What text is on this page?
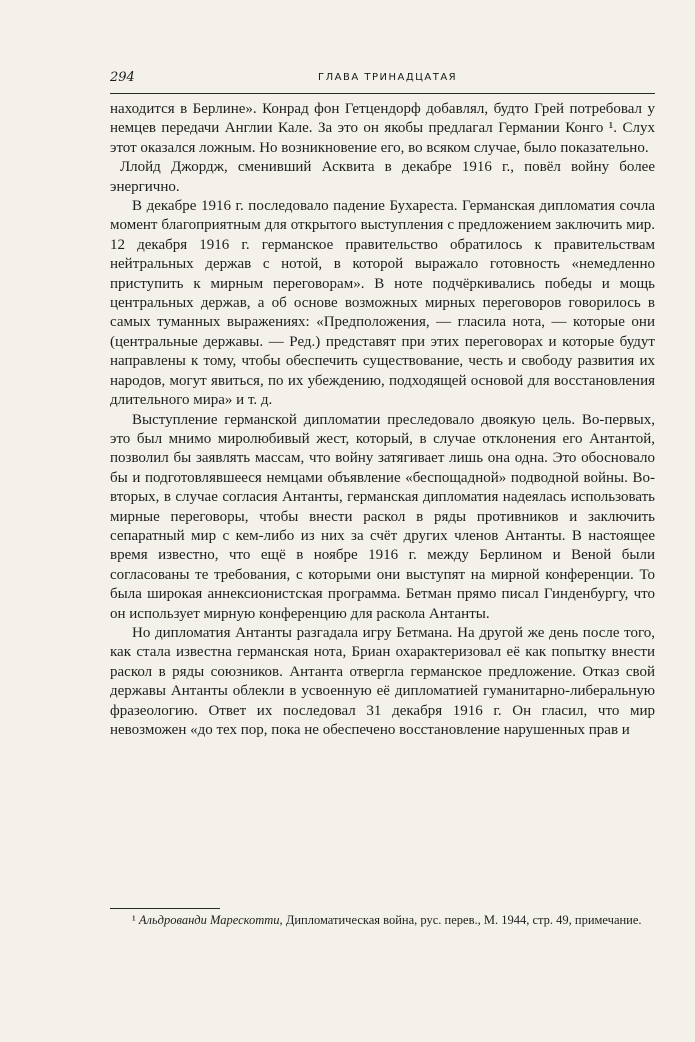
294	ГЛАВА ТРИНАДЦАТАЯ

находится в Берлине». Конрад фон Гетцендорф добавлял, будто Грей потребовал у немцев передачи Англии Кале. За это он якобы предлагал Германии Конго ¹. Слух этот оказался ложным. Но возникновение его, во всяком случае, было показательно.

Ллойд Джордж, сменивший Асквита в декабре 1916 г., повёл войну более энергично.

В декабре 1916 г. последовало падение Бухареста. Германская дипломатия сочла момент благоприятным для открытого выступления с предложением заключить мир. 12 декабря 1916 г. германское правительство обратилось к правительствам нейтральных держав с нотой, в которой выражало готовность «немедленно приступить к мирным переговорам». В ноте подчёркивались победы и мощь центральных держав, а об основе возможных мирных переговоров говорилось в самых туманных выражениях: «Предположения, — гласила нота, — которые они (центральные державы. — Ред.) представят при этих переговорах и которые будут направлены к тому, чтобы обеспечить существование, честь и свободу развития их народов, могут явиться, по их убеждению, подходящей основой для восстановления длительного мира» и т. д.

Выступление германской дипломатии преследовало двоякую цель. Во-первых, это был мнимо миролюбивый жест, который, в случае отклонения его Антантой, позволил бы заявлять массам, что войну затягивает лишь она одна. Это обосновало бы и подготовлявшееся немцами объявление «беспощадной» подводной войны. Во-вторых, в случае согласия Антанты, германская дипломатия надеялась использовать мирные переговоры, чтобы внести раскол в ряды противников и заключить сепаратный мир с кем-либо из них за счёт других членов Антанты. В настоящее время известно, что ещё в ноябре 1916 г. между Берлином и Веной были согласованы те требования, с которыми они выступят на мирной конференции. То была широкая аннексионистская программа. Бетман прямо писал Гинденбургу, что он использует мирную конференцию для раскола Антанты.

Но дипломатия Антанты разгадала игру Бетмана. На другой же день после того, как стала известна германская нота, Бриан охарактеризовал её как попытку внести раскол в ряды союзников. Антанта отвергла германское предложение. Отказ свой державы Антанты облекли в усвоенную её дипломатией гуманитарно-либеральную фразеологию. Ответ их последовал 31 декабря 1916 г. Он гласил, что мир невозможен «до тех пор, пока не обеспечено восстановление нарушенных прав и

¹ Альдрованди Марескотти, Дипломатическая война, рус. перев., М. 1944, стр. 49, примечание.
